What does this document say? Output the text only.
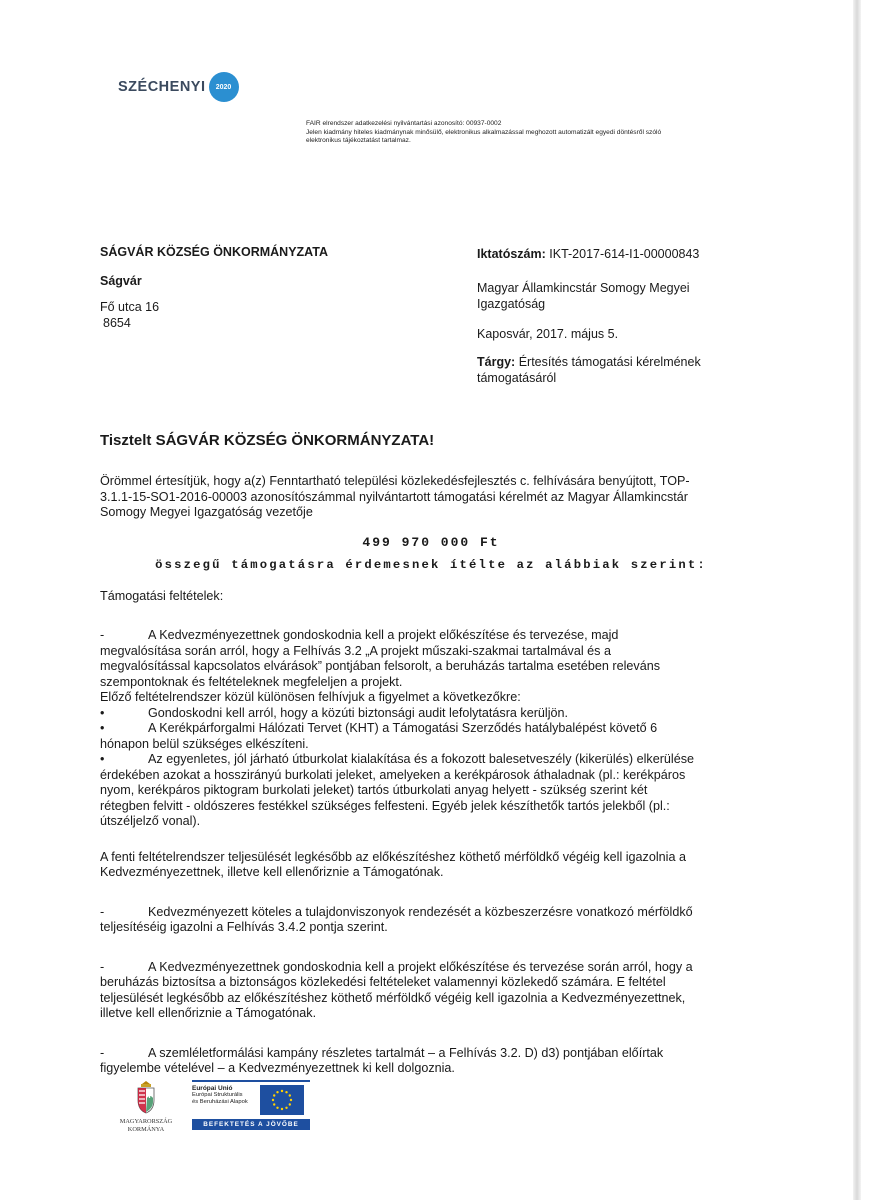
SZÉCHENYI	2020
FAIR elrendszer adatkezelési nyilvántartási azonosító: 00937-0002
Jelen kiadmány hiteles kiadmánynak minősülő, elektronikus alkalmazással meghozott automatizált egyedi döntésről szóló
elektronikus tájékoztatást tartalmaz.
SÁGVÁR KÖZSÉG ÖNKORMÁNYZATA
Ságvár
Fő utca 16
8654
Iktatószám: IKT-2017-614-I1-00000843
Magyar Államkincstár Somogy Megyei
Igazgatóság
Kaposvár, 2017. május 5.
Tárgy: Értesítés támogatási kérelmének
támogatásáról
Tisztelt SÁGVÁR KÖZSÉG ÖNKORMÁNYZATA!
Örömmel értesítjük, hogy a(z) Fenntartható települési közlekedésfejlesztés c. felhívására benyújtott, TOP-
3.1.1-15-SO1-2016-00003 azonosítószámmal nyilvántartott támogatási kérelmét az Magyar Államkincstár
Somogy Megyei Igazgatóság vezetője
499 970 000 Ft
összegű támogatásra érdemesnek ítélte az alábbiak szerint:
Támogatási feltételek:
-	A Kedvezményezettnek gondoskodnia kell a projekt előkészítése és tervezése, majd
megvalósítása során arról, hogy a Felhívás 3.2 „A projekt műszaki-szakmai tartalmával és a
megvalósítással kapcsolatos elvárások” pontjában felsorolt, a beruházás tartalma esetében releváns
szempontoknak és feltételeknek megfeleljen a projekt.
Előző feltételrendszer közül különösen felhívjuk a figyelmet a következőkre:
•	Gondoskodni kell arról, hogy a közúti biztonsági audit lefolytatásra kerüljön.
•	A Kerékpárforgalmi Hálózati Tervet (KHT) a Támogatási Szerződés hatálybalépést követő 6
hónapon belül szükséges elkészíteni.
•	Az egyenletes, jól járható útburkolat kialakítása és a fokozott balesetveszély (kikerülés) elkerülése
érdekében azokat a hosszirányú burkolati jeleket, amelyeken a kerékpárosok áthaladnak (pl.: kerékpáros
nyom, kerékpáros piktogram burkolati jeleket) tartós útburkolati anyag helyett - szükség szerint két
rétegben felvitt - oldószeres festékkel szükséges felfesteni. Egyéb jelek készíthetők tartós jelekből (pl.:
útszéljelző vonal).
A fenti feltételrendszer teljesülését legkésőbb az előkészítéshez köthető mérföldkő végéig kell igazolnia a
Kedvezményezettnek, illetve kell ellenőriznie a Támogatónak.
-	Kedvezményezett köteles a tulajdonviszonyok rendezését a közbeszerzésre vonatkozó mérföldkő
teljesítéséig igazolni a Felhívás 3.4.2 pontja szerint.
-	A Kedvezményezettnek gondoskodnia kell a projekt előkészítése és tervezése során arról, hogy a
beruházás biztosítsa a biztonságos közlekedési feltételeket valamennyi közlekedő számára. E feltétel
teljesülését legkésőbb az előkészítéshez köthető mérföldkő végéig kell igazolnia a Kedvezményezettnek,
illetve kell ellenőriznie a Támogatónak.
-	A szemléletformálási kampány részletes tartalmát – a Felhívás 3.2. D) d3) pontjában előírtak
figyelembe vételével – a Kedvezményezettnek ki kell dolgoznia.
MAGYARORSZÁG
KORMÁNYA
Európai Unió
Európai Strukturális
és Beruházási Alapok
BEFEKTETÉS A JÖVŐBE
